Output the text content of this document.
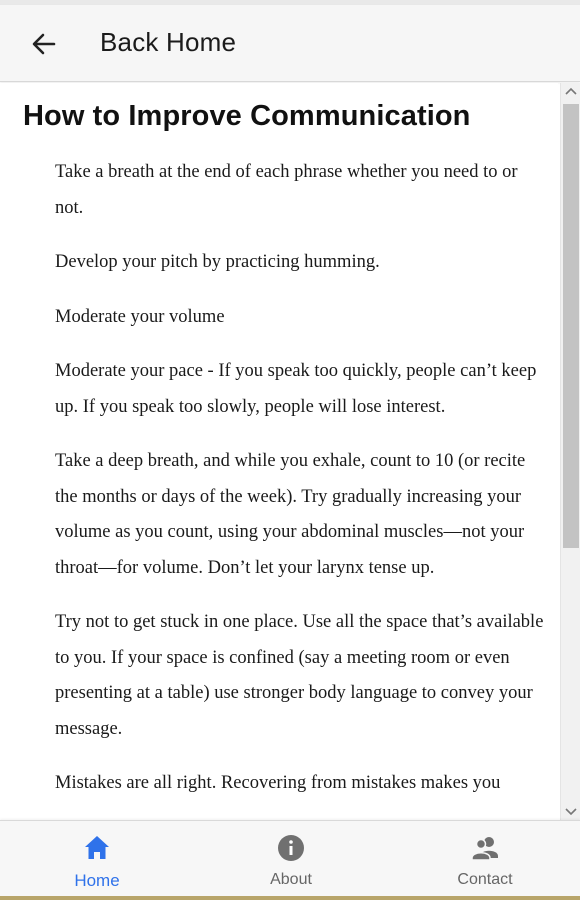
Back Home
How to Improve Communication

Take a breath at the end of each phrase whether you need to or not.

Develop your pitch by practicing humming.

Moderate your volume

Moderate your pace - If you speak too quickly, people can’t keep up. If you speak too slowly, people will lose interest.

Take a deep breath, and while you exhale, count to 10 (or recite the months or days of the week). Try gradually increasing your volume as you count, using your abdominal muscles—not your throat—for volume. Don’t let your larynx tense up.

Try not to get stuck in one place. Use all the space that’s available to you. If your space is confined (say a meeting room or even presenting at a table) use stronger body language to convey your message.

Mistakes are all right. Recovering from mistakes makes you

Home	About	Contact
